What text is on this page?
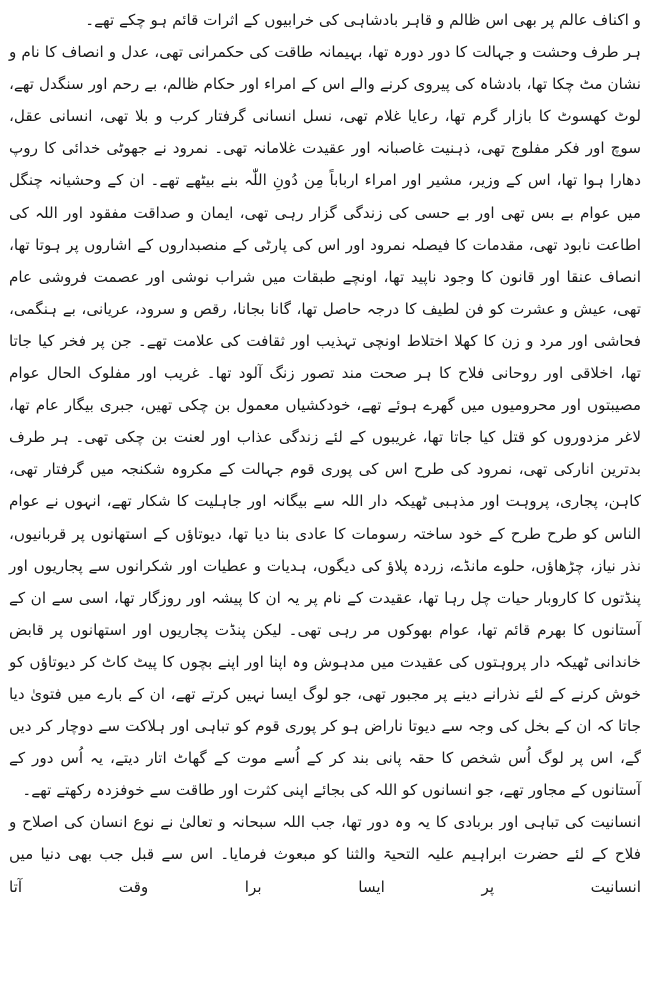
و اکناف عالم پر بھی اس ظالم و قاہر بادشاہی کی خرابیوں کے اثرات قائم ہو چکے تھے۔

ہر طرف وحشت و جہالت کا دور دورہ تھا، بہیمانہ طاقت کی حکمرانی تھی، عدل و انصاف کا نام و نشان مٹ چکا تھا، بادشاہ کی پیروی کرنے والے اس کے امراء اور حکام ظالم، بے رحم اور سنگدل تھے، لوٹ کھسوٹ کا بازار گرم تھا، رعایا غلام تھی، نسل انسانی گرفتار کرب و بلا تھی، انسانی عقل، سوچ اور فکر مفلوج تھی، ذہنیت غاصبانہ اور عقیدت غلامانہ تھی۔ نمرود نے جھوٹی خدائی کا روپ دھارا ہوا تھا، اس کے وزیر، مشیر اور امراء ارباباً مِن دُونِ اللّٰہ بنے بیٹھے تھے۔ ان کے وحشیانہ چنگل میں عوام بے بس تھی اور بے حسی کی زندگی گزار رہی تھی، ایمان و صداقت مفقود اور اللہ کی اطاعت نابود تھی، مقدمات کا فیصلہ نمرود اور اس کی پارٹی کے منصبداروں کے اشاروں پر ہوتا تھا، انصاف عنقا اور قانون کا وجود ناپید تھا، اونچے طبقات میں شراب نوشی اور عصمت فروشی عام تھی، عیش و عشرت کو فن لطیف کا درجہ حاصل تھا، گانا بجانا، رقص و سرود، عریانی، بے ہنگمی، فحاشی اور مرد و زن کا کھلا اختلاط اونچی تہذیب اور ثقافت کی علامت تھے۔ جن پر فخر کیا جاتا تھا، اخلاقی اور روحانی فلاح کا ہر صحت مند تصور زنگ آلود تھا۔ غریب اور مفلوک الحال عوام مصیبتوں اور محرومیوں میں گھرے ہوئے تھے، خودکشیاں معمول بن چکی تھیں، جبری بیگار عام تھا، لاغر مزدوروں کو قتل کیا جاتا تھا، غریبوں کے لئے زندگی عذاب اور لعنت بن چکی تھی۔ ہر طرف بدترین انارکی تھی، نمرود کی طرح اس کی پوری قوم جہالت کے مکروہ شکنجہ میں گرفتار تھی، کاہن، پجاری، پروہت اور مذہبی ٹھیکہ دار اللہ سے بیگانہ اور جاہلیت کا شکار تھے، انہوں نے عوام الناس کو طرح طرح کے خود ساختہ رسومات کا عادی بنا دیا تھا، دیوتاؤں کے استھانوں پر قربانیوں، نذر نیاز، چڑھاؤں، حلوے مانڈے، زردہ پلاؤ کی دیگوں، ہدیات و عطیات اور شکرانوں سے پجاریوں اور پنڈتوں کا کاروبار حیات چل رہا تھا، عقیدت کے نام پر یہ ان کا پیشہ اور روزگار تھا، اسی سے ان کے آستانوں کا بھرم قائم تھا، عوام بھوکوں مر رہی تھی۔ لیکن پنڈت پجاریوں اور استھانوں پر قابض خاندانی ٹھیکہ دار پروہتوں کی عقیدت میں مدہوش وہ اپنا اور اپنے بچوں کا پیٹ کاٹ کر دیوتاؤں کو خوش کرنے کے لئے نذرانے دینے پر مجبور تھی، جو لوگ ایسا نہیں کرتے تھے، ان کے بارے میں فتویٰ دیا جاتا کہ ان کے بخل کی وجہ سے دیوتا ناراض ہو کر پوری قوم کو تباہی اور ہلاکت سے دوچار کر دیں گے، اس پر لوگ اُس شخص کا حقہ پانی بند کر کے اُسے موت کے گھاٹ اتار دیتے، یہ اُس دور کے آستانوں کے مجاور تھے، جو انسانوں کو اللہ کی بجائے اپنی کثرت اور طاقت سے خوفزدہ رکھتے تھے۔

انسانیت کی تباہی اور بربادی کا یہ وہ دور تھا، جب اللہ سبحانہ و تعالیٰ نے نوع انسان کی اصلاح و فلاح کے لئے حضرت ابراہیم علیہ التحیۃ والثنا کو مبعوث فرمایا۔ اس سے قبل جب بھی دنیا میں انسانیت پر ایسا برا وقت آتا
